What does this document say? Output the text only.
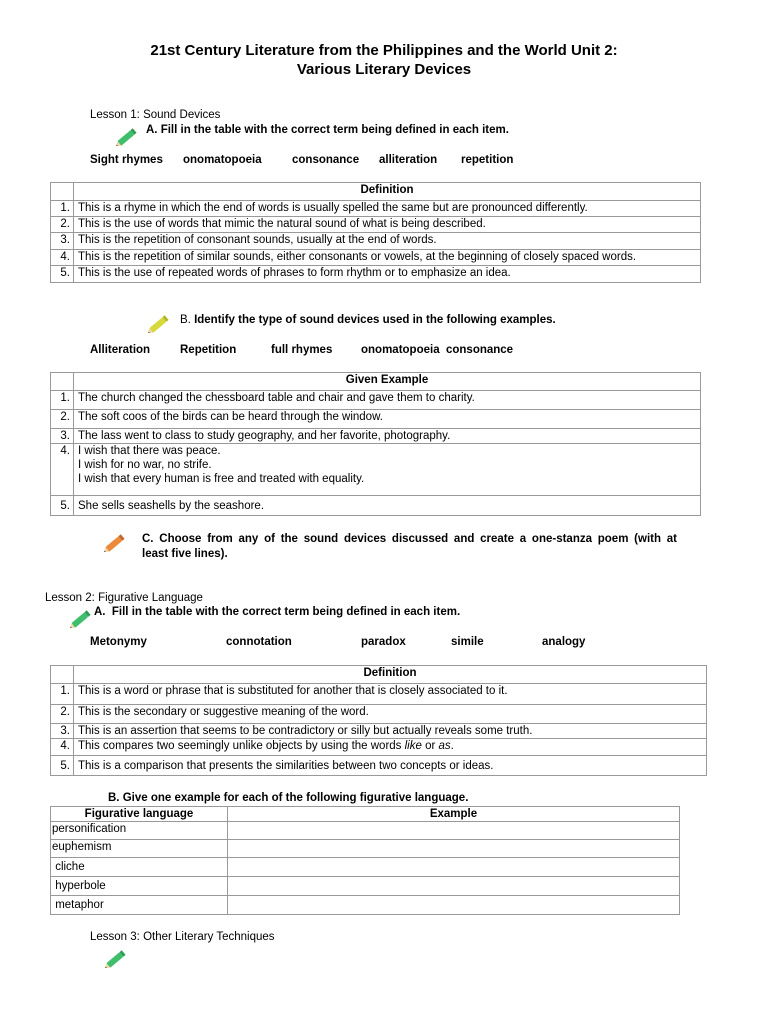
21st Century Literature from the Philippines and the World Unit 2:
Various Literary Devices
Lesson 1: Sound Devices
A. Fill in the table with the correct term being defined in each item.
Sight rhymes onomatopoeia	consonance alliteration repetition
	Definition
1.	This is a rhyme in which the end of words is usually spelled the same but are pronounced differently.
2.	This is the use of words that mimic the natural sound of what is being described.
3.	This is the repetition of consonant sounds, usually at the end of words.
4.	This is the repetition of similar sounds, either consonants or vowels, at the beginning of closely spaced words.
5.	This is the use of repeated words of phrases to form rhythm or to emphasize an idea.
B. Identify the type of sound devices used in the following examples.
Alliteration	Repetition	full rhymes onomatopoeia  consonance
	Given Example
1.	The church changed the chessboard table and chair and gave them to charity.
2.	The soft coos of the birds can be heard through the window.
3.	The lass went to class to study geography, and her favorite, photography.
4.	I wish that there was peace.
I wish for no war, no strife.
I wish that every human is free and treated with equality.
5.	She sells seashells by the seashore.
C. Choose from any of the sound devices discussed and create a one-stanza poem (with at
least five lines).
Lesson 2: Figurative Language
A.  Fill in the table with the correct term being defined in each item.
Metonymy	connotation	paradox	simile	analogy
	Definition
1.	This is a word or phrase that is substituted for another that is closely associated to it.
2.	This is the secondary or suggestive meaning of the word.
3.	This is an assertion that seems to be contradictory or silly but actually reveals some truth.
4.	This compares two seemingly unlike objects by using the words like or as.
5.	This is a comparison that presents the similarities between two concepts or ideas.
B. Give one example for each of the following figurative language.
Figurative language	Example
personification	
euphemism	
cliche	
hyperbole	
metaphor	
Lesson 3: Other Literary Techniques
